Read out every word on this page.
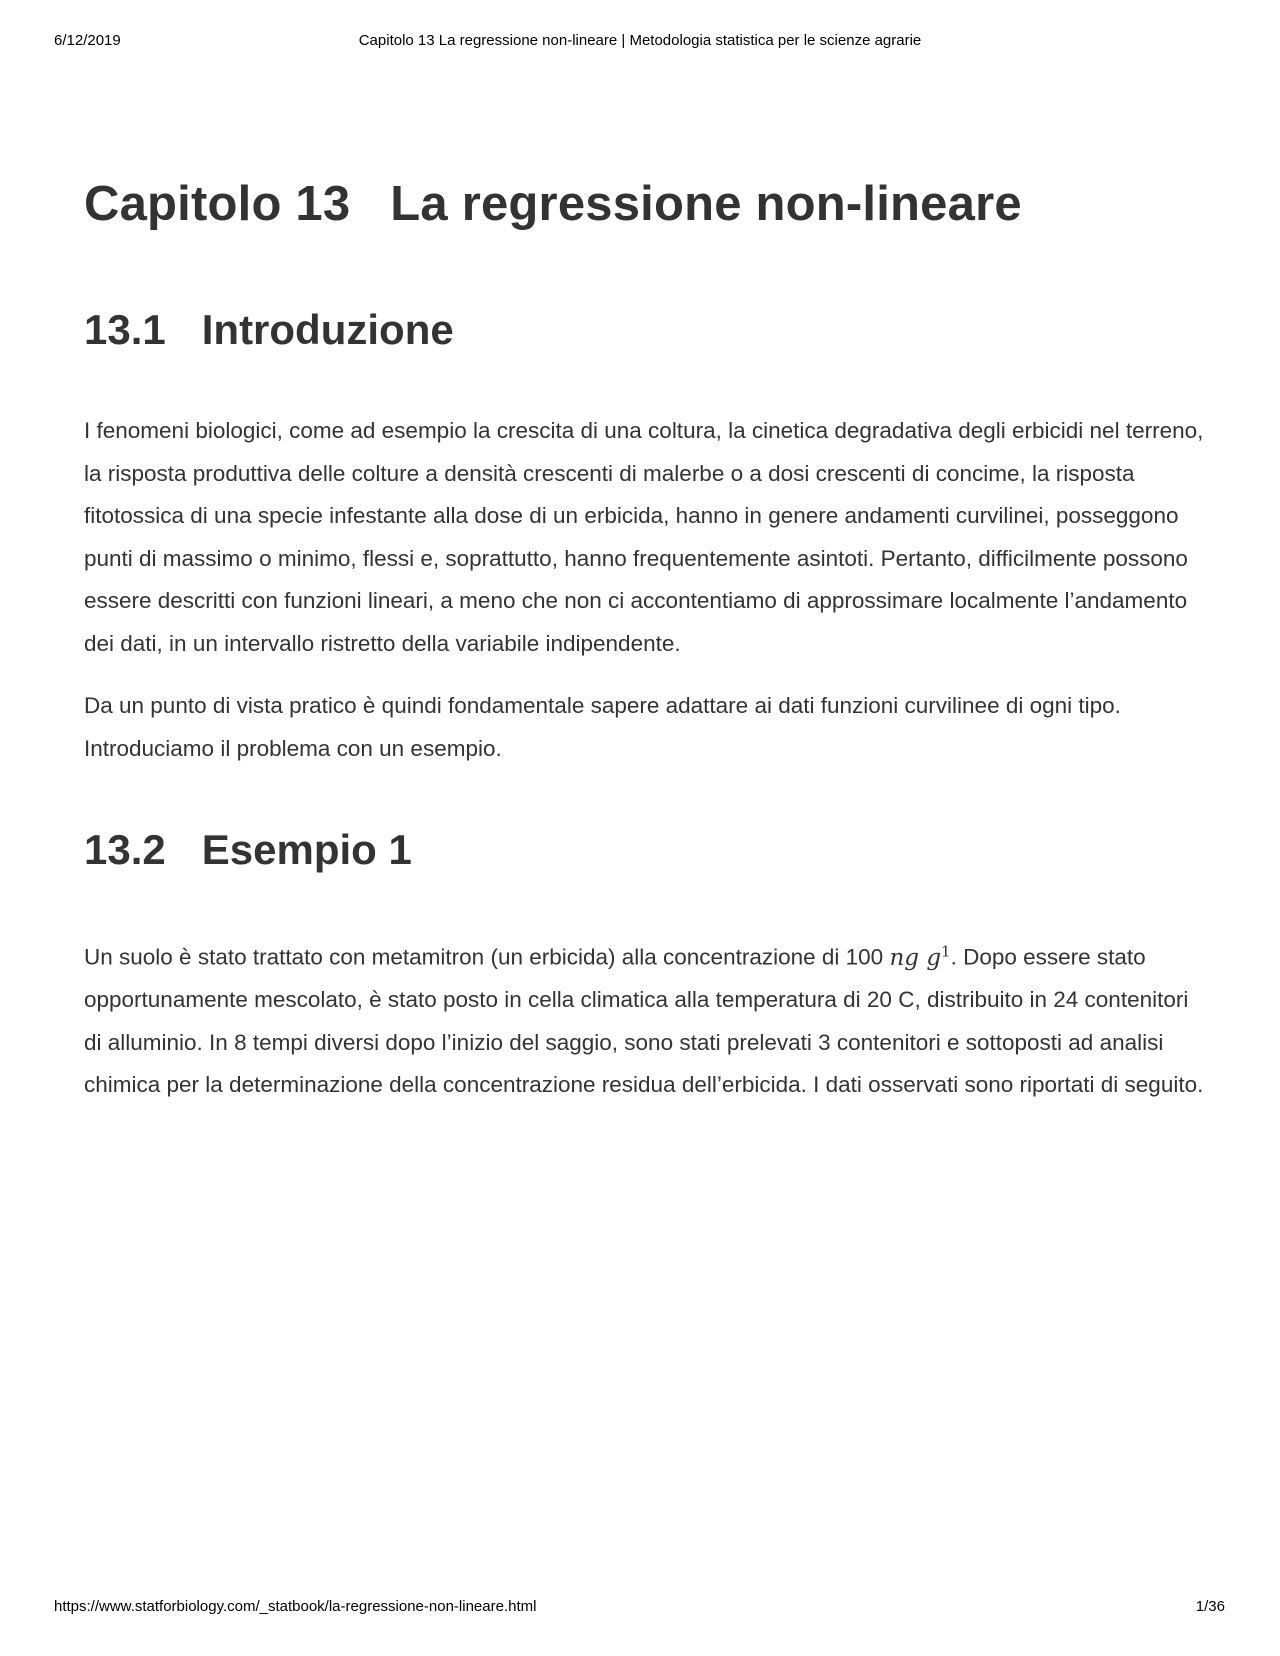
6/12/2019	Capitolo 13 La regressione non-lineare | Metodologia statistica per le scienze agrarie
Capitolo 13 La regressione non-lineare
13.1 Introduzione

I fenomeni biologici, come ad esempio la crescita di una coltura, la cinetica degradativa degli erbicidi nel terreno, la risposta produttiva delle colture a densità crescenti di malerbe o a dosi crescenti di concime, la risposta fitotossica di una specie infestante alla dose di un erbicida, hanno in genere andamenti curvilinei, posseggono punti di massimo o minimo, flessi e, soprattutto, hanno frequentemente asintoti. Pertanto, difficilmente possono essere descritti con funzioni lineari, a meno che non ci accontentiamo di approssimare localmente l’andamento dei dati, in un intervallo ristretto della variabile indipendente.

Da un punto di vista pratico è quindi fondamentale sapere adattare ai dati funzioni curvilinee di ogni tipo. Introduciamo il problema con un esempio.

13.2 Esempio 1

Un suolo è stato trattato con metamitron (un erbicida) alla concentrazione di 100 ng $g^1$. Dopo essere stato opportunamente mescolato, è stato posto in cella climatica alla temperatura di 20 C, distribuito in 24 contenitori di alluminio. In 8 tempi diversi dopo l’inizio del saggio, sono stati prelevati 3 contenitori e sottoposti ad analisi chimica per la determinazione della concentrazione residua dell’erbicida. I dati osservati sono riportati di seguito.

https://www.statforbiology.com/_statbook/la-regressione-non-lineare.html	1/36
